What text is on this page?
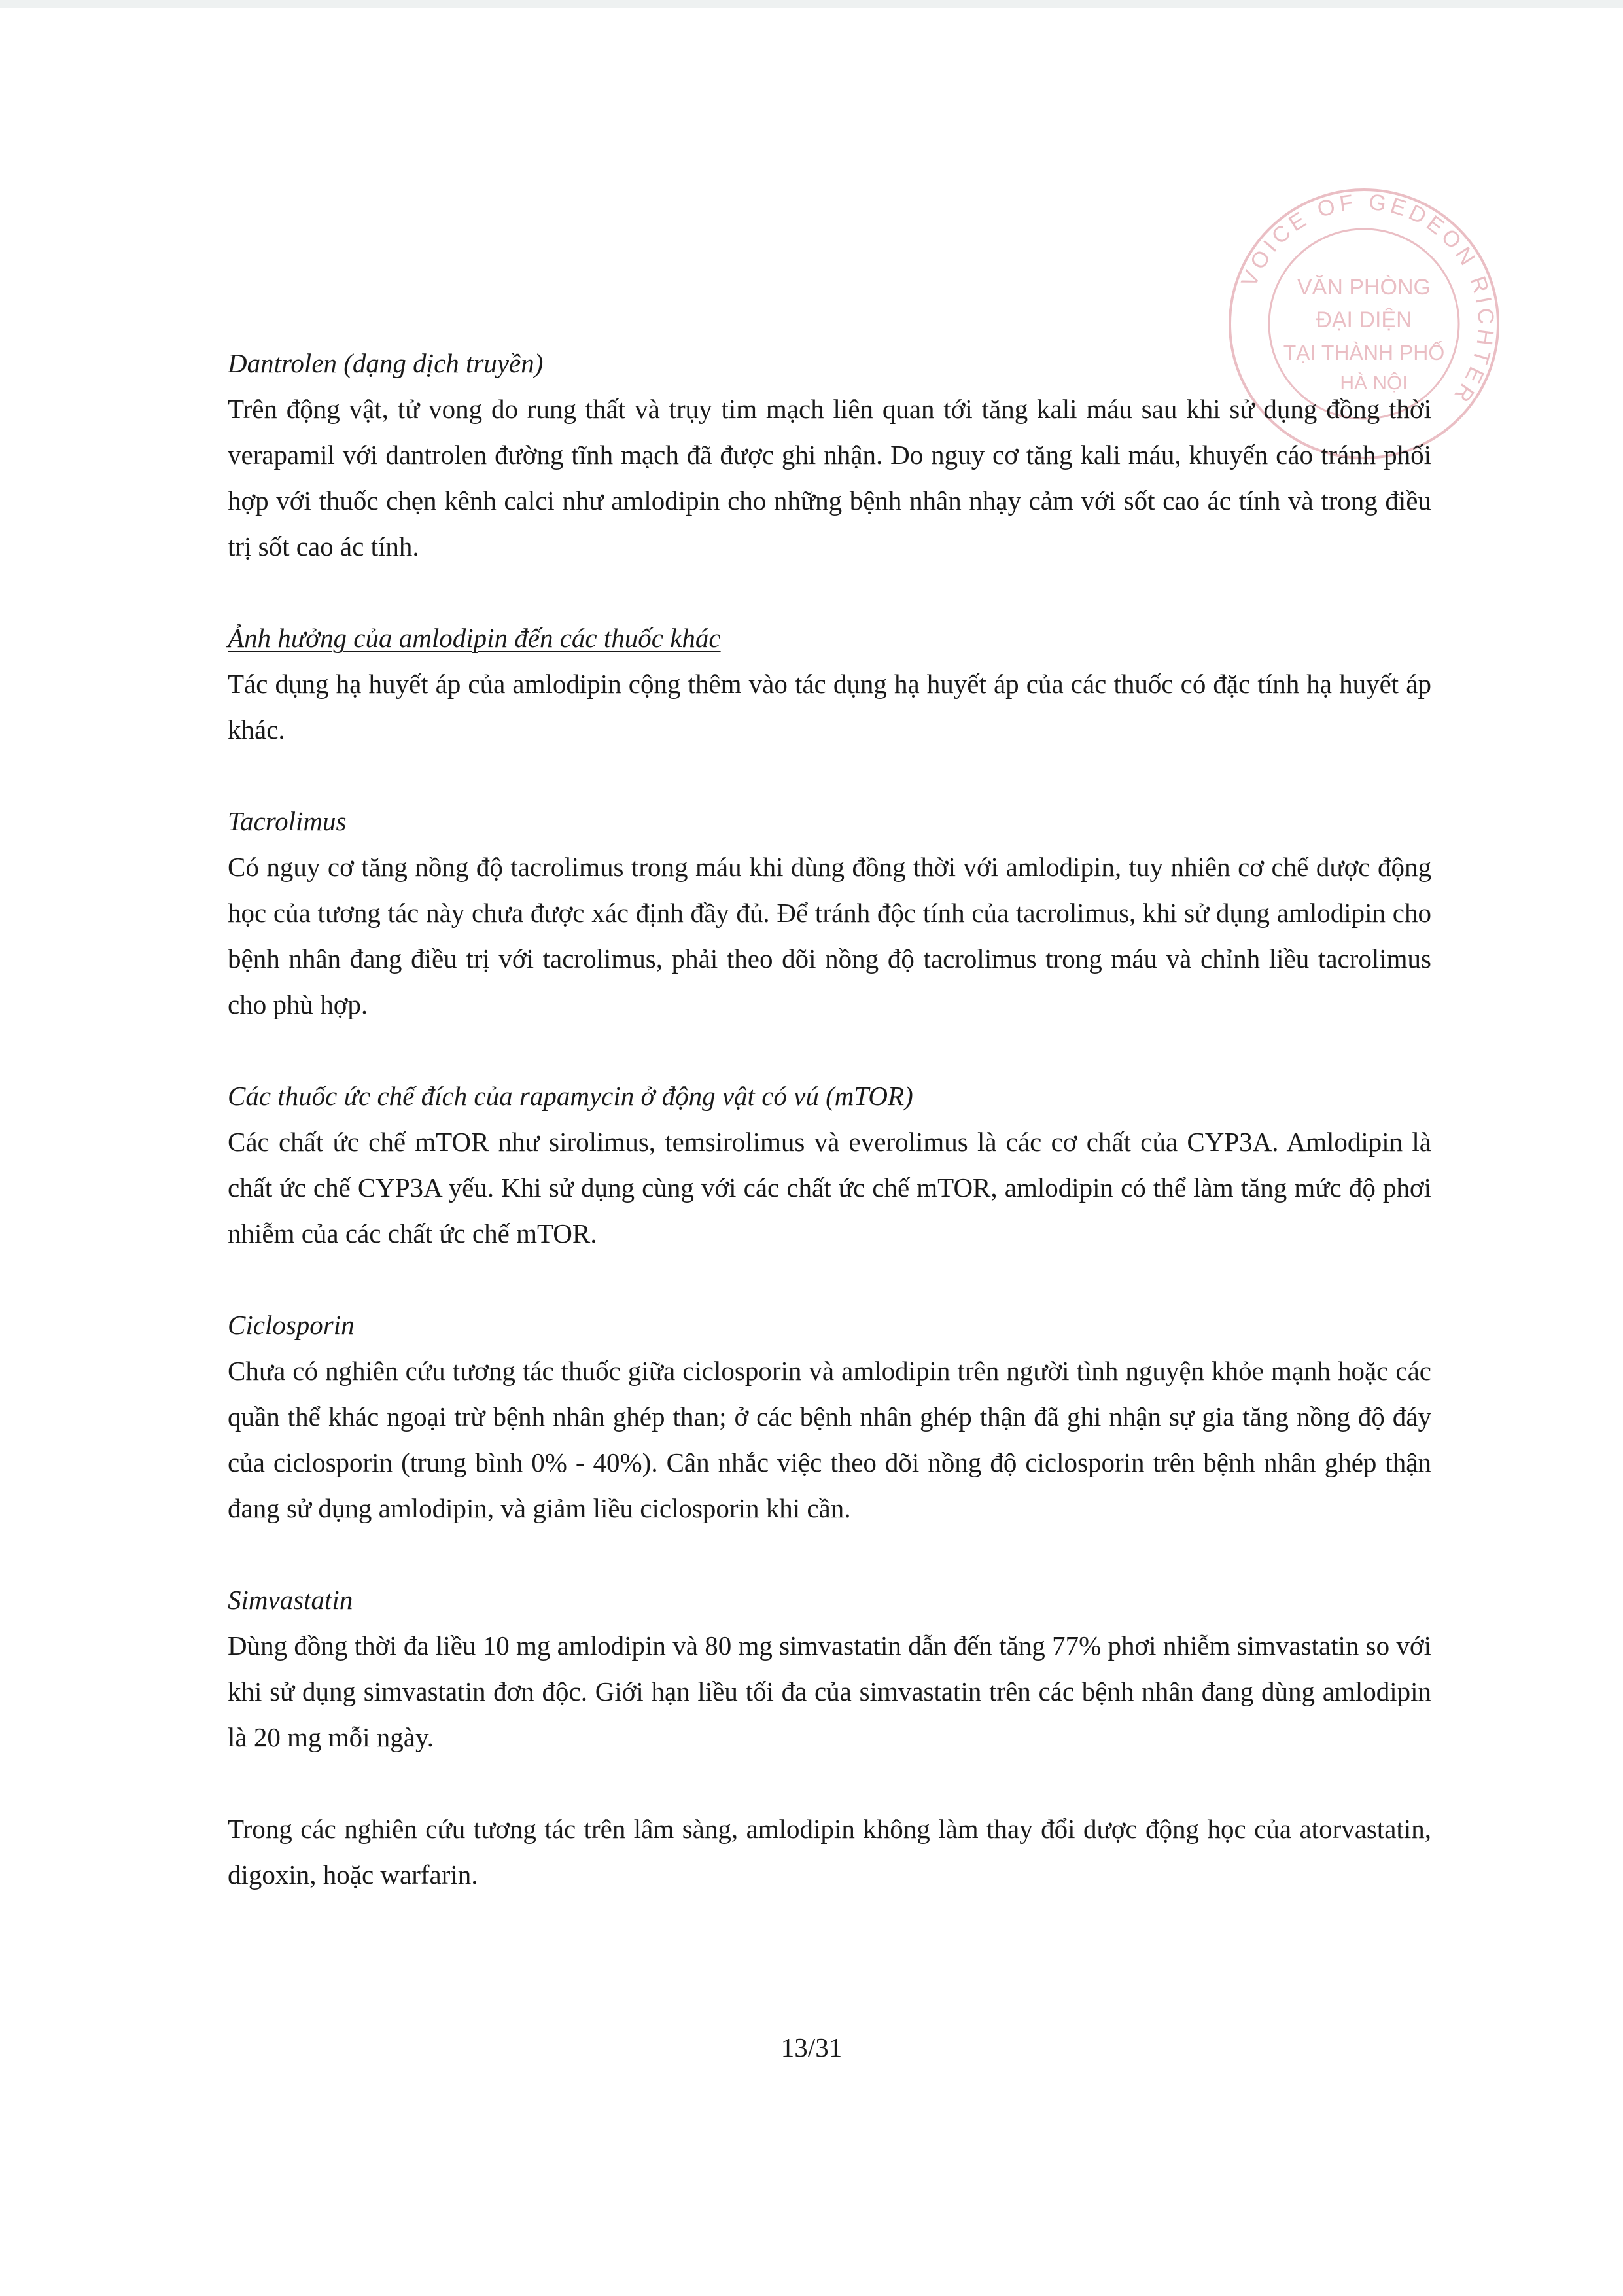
VOICE OF GEDEON RICHTER
VĂN PHÒNG
ĐẠI DIỆN
TẠI THÀNH PHỐ
HÀ NỘI

Dantrolen (dạng dịch truyền)

Trên động vật, tử vong do rung thất và trụy tim mạch liên quan tới tăng kali máu sau khi sử dụng đồng thời verapamil với dantrolen đường tĩnh mạch đã được ghi nhận. Do nguy cơ tăng kali máu, khuyến cáo tránh phối hợp với thuốc chẹn kênh calci như amlodipin cho những bệnh nhân nhạy cảm với sốt cao ác tính và trong điều trị sốt cao ác tính.

Ảnh hưởng của amlodipin đến các thuốc khác

Tác dụng hạ huyết áp của amlodipin cộng thêm vào tác dụng hạ huyết áp của các thuốc có đặc tính hạ huyết áp khác.

Tacrolimus

Có nguy cơ tăng nồng độ tacrolimus trong máu khi dùng đồng thời với amlodipin, tuy nhiên cơ chế dược động học của tương tác này chưa được xác định đầy đủ. Để tránh độc tính của tacrolimus, khi sử dụng amlodipin cho bệnh nhân đang điều trị với tacrolimus, phải theo dõi nồng độ tacrolimus trong máu và chỉnh liều tacrolimus cho phù hợp.

Các thuốc ức chế đích của rapamycin ở động vật có vú (mTOR)

Các chất ức chế mTOR như sirolimus, temsirolimus và everolimus là các cơ chất của CYP3A. Amlodipin là chất ức chế CYP3A yếu. Khi sử dụng cùng với các chất ức chế mTOR, amlodipin có thể làm tăng mức độ phơi nhiễm của các chất ức chế mTOR.

Ciclosporin

Chưa có nghiên cứu tương tác thuốc giữa ciclosporin và amlodipin trên người tình nguyện khỏe mạnh hoặc các quần thể khác ngoại trừ bệnh nhân ghép than; ở các bệnh nhân ghép thận đã ghi nhận sự gia tăng nồng độ đáy của ciclosporin (trung bình 0% - 40%). Cân nhắc việc theo dõi nồng độ ciclosporin trên bệnh nhân ghép thận đang sử dụng amlodipin, và giảm liều ciclosporin khi cần.

Simvastatin

Dùng đồng thời đa liều 10 mg amlodipin và 80 mg simvastatin dẫn đến tăng 77% phơi nhiễm simvastatin so với khi sử dụng simvastatin đơn độc. Giới hạn liều tối đa của simvastatin trên các bệnh nhân đang dùng amlodipin là 20 mg mỗi ngày.

Trong các nghiên cứu tương tác trên lâm sàng, amlodipin không làm thay đổi dược động học của atorvastatin, digoxin, hoặc warfarin.

13/31
